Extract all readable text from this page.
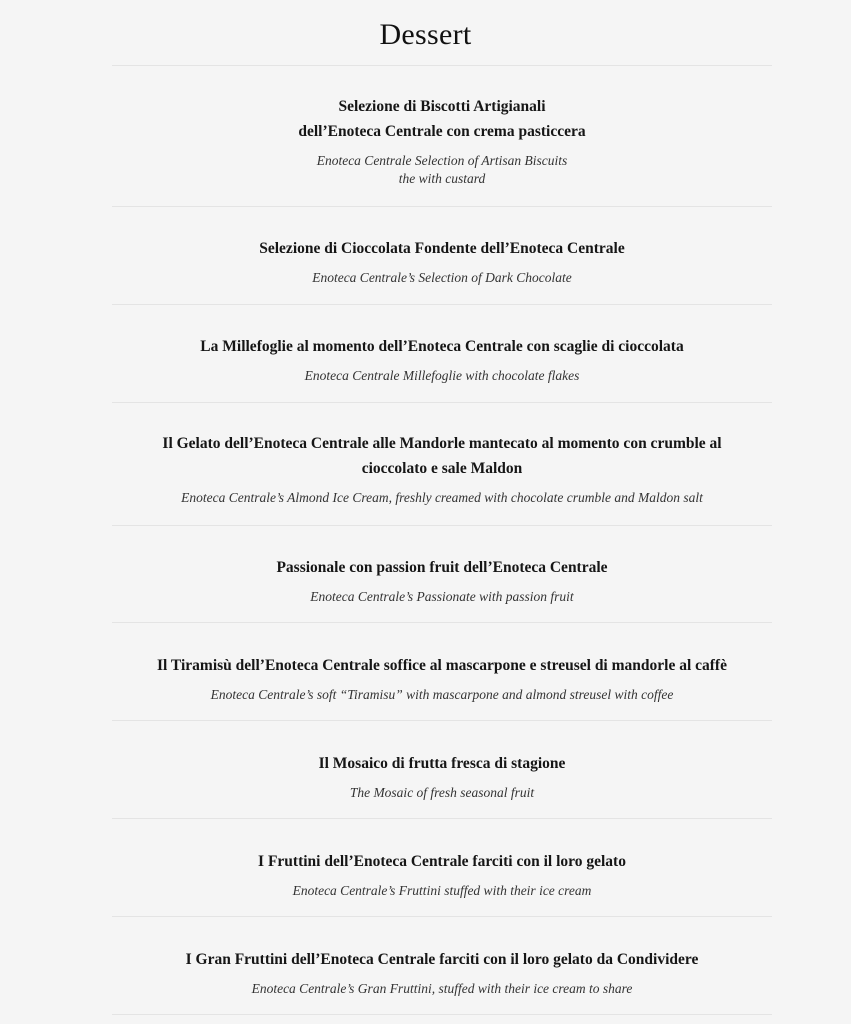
Dessert
Selezione di Biscotti Artigianali
dell’Enoteca Centrale con crema pasticcera
Enoteca Centrale Selection of Artisan Biscuits
the with custard
Selezione di Cioccolata Fondente dell’Enoteca Centrale
Enoteca Centrale’s Selection of Dark Chocolate
La Millefoglie al momento dell’Enoteca Centrale con scaglie di cioccolata
Enoteca Centrale Millefoglie with chocolate flakes
Il Gelato dell’Enoteca Centrale alle Mandorle mantecato al momento con crumble al
cioccolato e sale Maldon
Enoteca Centrale’s Almond Ice Cream, freshly creamed with chocolate crumble and Maldon salt
Passionale con passion fruit dell’Enoteca Centrale
Enoteca Centrale’s Passionate with passion fruit
Il Tiramisù dell’Enoteca Centrale soffice al mascarpone e streusel di mandorle al caffè
Enoteca Centrale’s soft “Tiramisu” with mascarpone and almond streusel with coffee
Il Mosaico di frutta fresca di stagione
The Mosaic of fresh seasonal fruit
I Fruttini dell’Enoteca Centrale farciti con il loro gelato
Enoteca Centrale’s Fruttini stuffed with their ice cream
I Gran Fruttini dell’Enoteca Centrale farciti con il loro gelato da Condividere
Enoteca Centrale’s Gran Fruttini, stuffed with their ice cream to share
